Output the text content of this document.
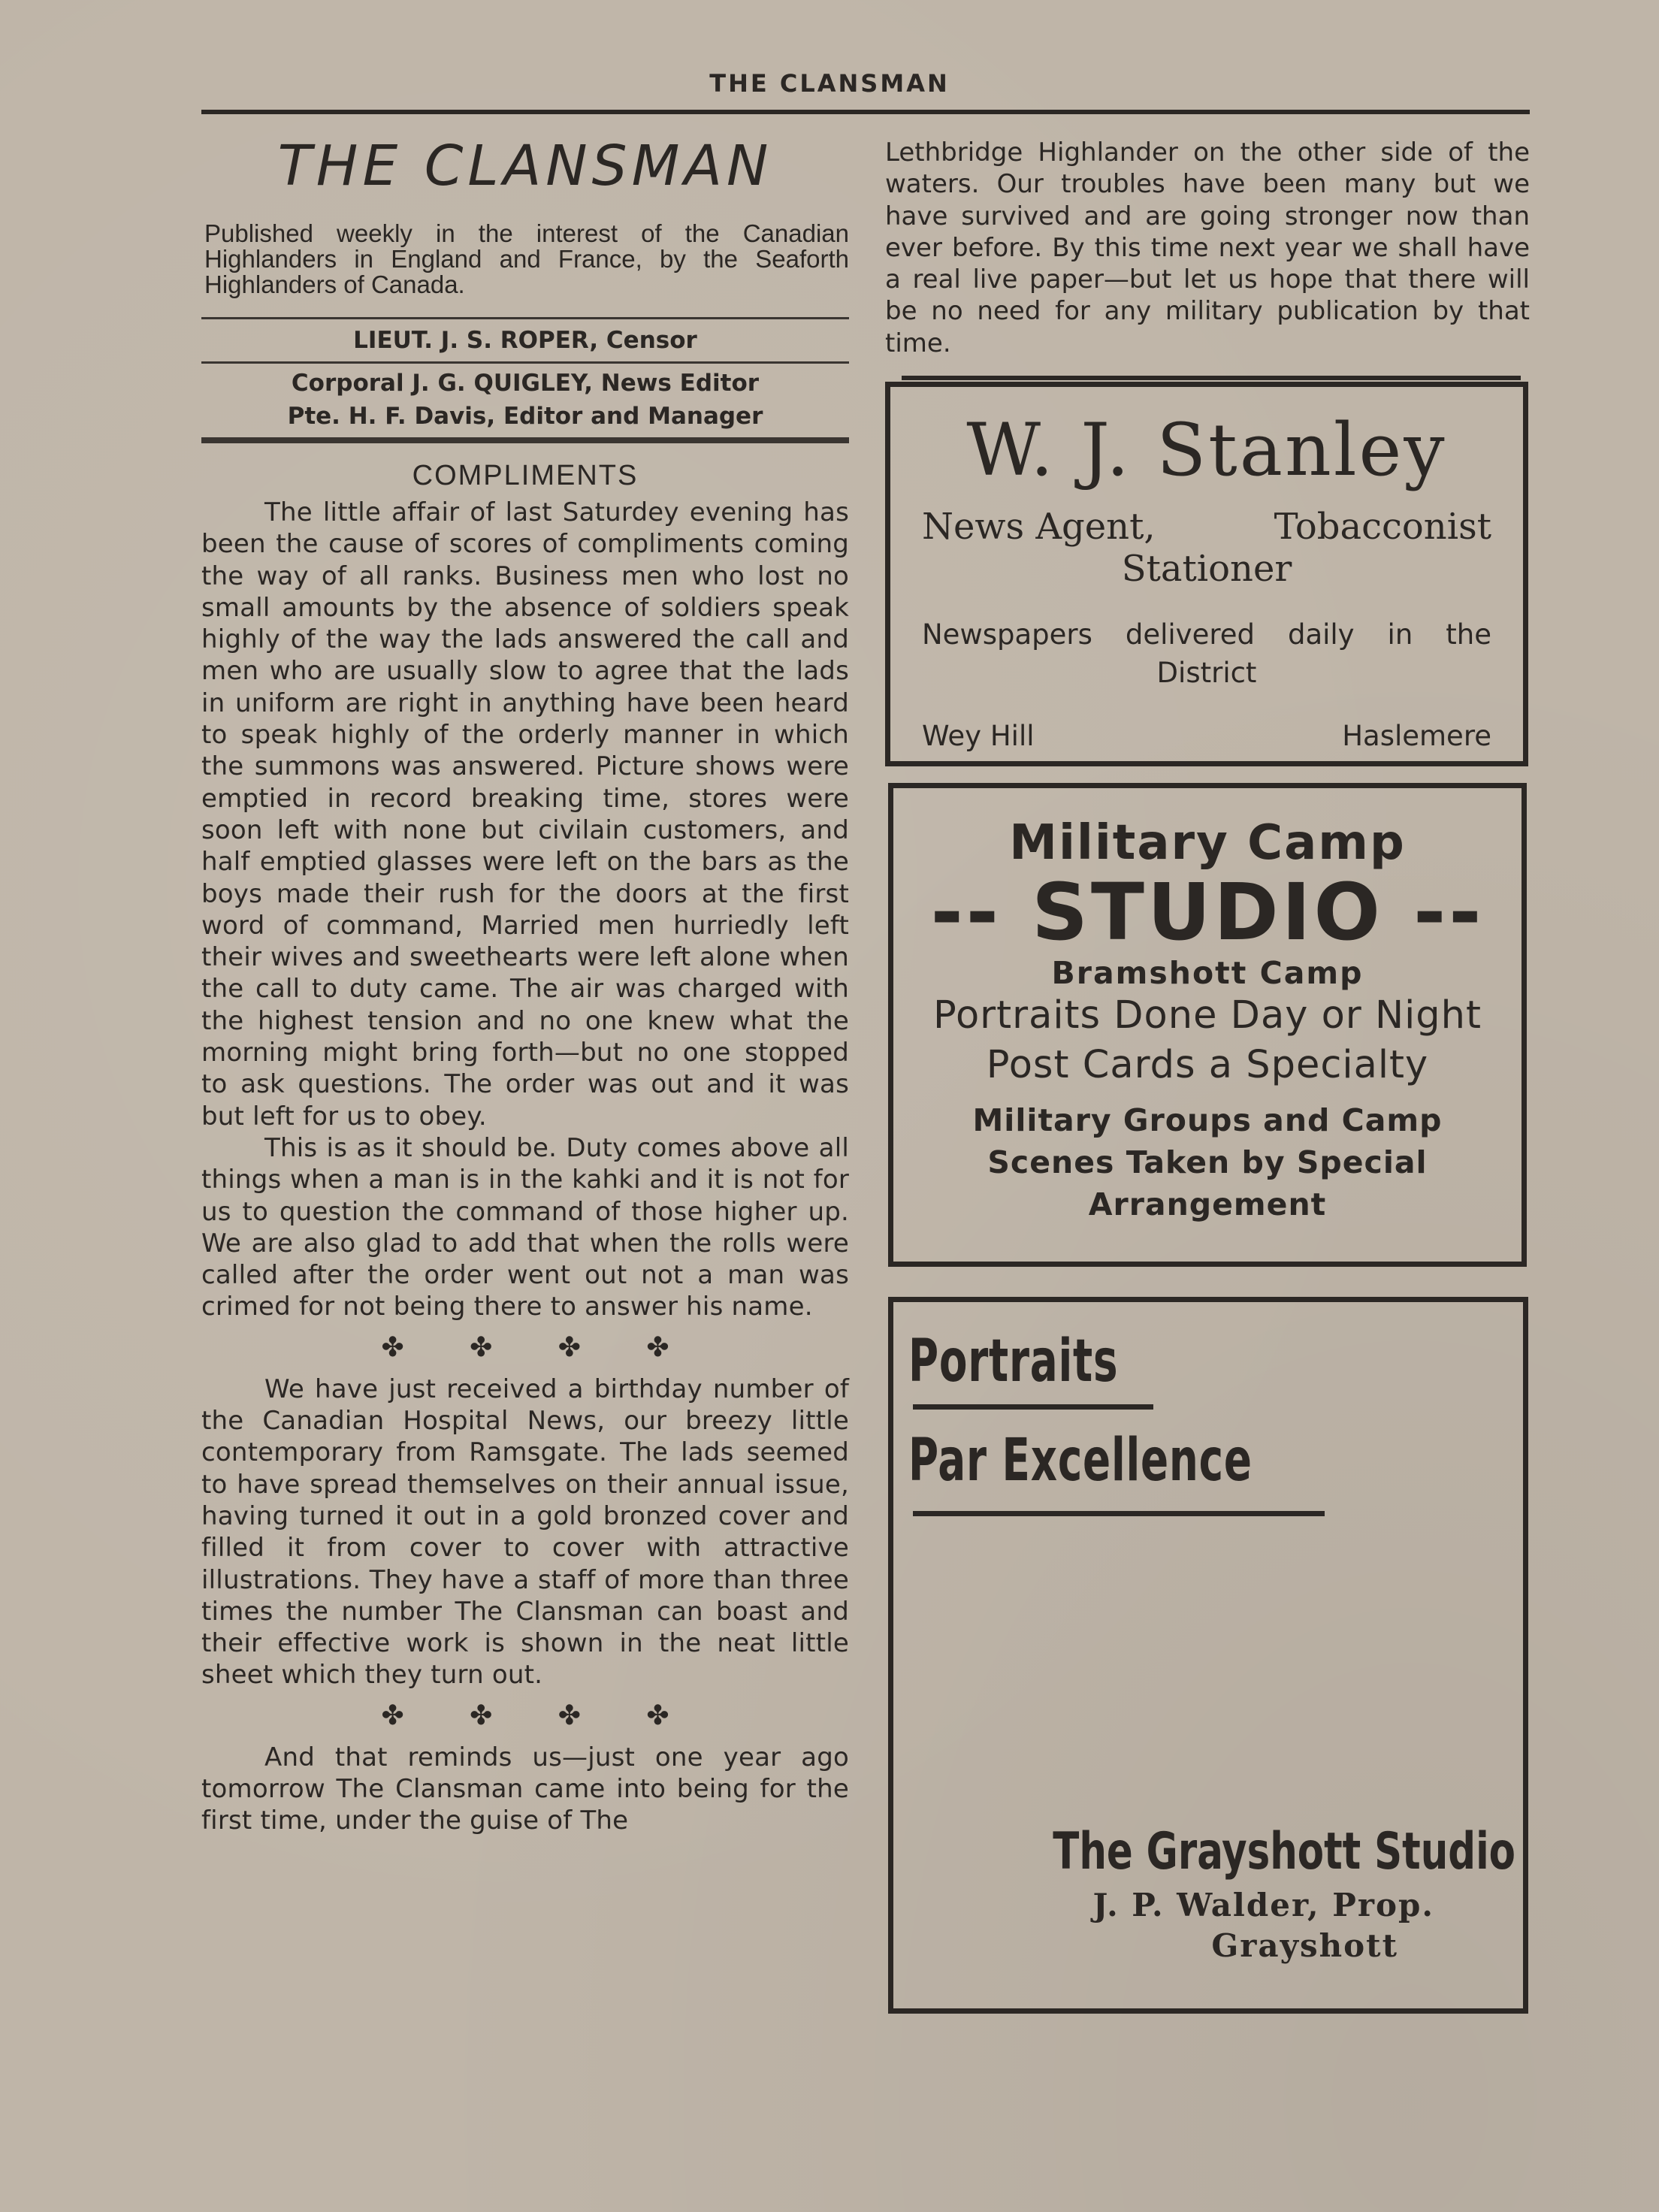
THE CLANSMAN
THE CLANSMAN
Published weekly in the interest of the Canadian Highlanders in England and France, by the Seaforth Highlanders of Canada.
LIEUT. J. S. ROPER, Censor
Corporal J. G. QUIGLEY, News Editor
Pte. H. F. Davis, Editor and Manager
COMPLIMENTS

The little affair of last Saturdey evening has been the cause of scores of compliments coming the way of all ranks. Business men who lost no small amounts by the absence of soldiers speak highly of the way the lads answered the call and men who are usually slow to agree that the lads in uniform are right in anything have been heard to speak highly of the orderly manner in which the summons was answered. Picture shows were emptied in record breaking time, stores were soon left with none but civilain customers, and half emptied glasses were left on the bars as the boys made their rush for the doors at the first word of command, Married men hurriedly left their wives and sweethearts were left alone when the call to duty came. The air was charged with the highest tension and no one knew what the morning might bring forth—but no one stopped to ask questions. The order was out and it was but left for us to obey.

This is as it should be. Duty comes above all things when a man is in the kahki and it is not for us to question the command of those higher up. We are also glad to add that when the rolls were called after the order went out not a man was crimed for not being there to answer his name.

✤ ✤ ✤ ✤

We have just received a birthday number of the Canadian Hospital News, our breezy little contemporary from Ramsgate. The lads seemed to have spread themselves on their annual issue, having turned it out in a gold bronzed cover and filled it from cover to cover with attractive illustrations. They have a staff of more than three times the number The Clansman can boast and their effective work is shown in the neat little sheet which they turn out.

✤ ✤ ✤ ✤

And that reminds us—just one year ago tomorrow The Clansman came into being for the first time, under the guise of The

Lethbridge Highlander on the other side of the waters. Our troubles have been many but we have survived and are going stronger now than ever before. By this time next year we shall have a real live paper—but let us hope that there will be no need for any military publication by that time.
W. J. Stanley
News Agent,	Tobacconist
Stationer
Newspapers delivered daily in the
District
Wey Hill	Haslemere
Military Camp
-- STUDIO --
Bramshott Camp
Portraits Done Day or Night
Post Cards a Specialty
Military Groups and Camp
Scenes Taken by Special
Arrangement
Portraits
Par Excellence
The Grayshott Studio
J. P. Walder, Prop.
Grayshott
